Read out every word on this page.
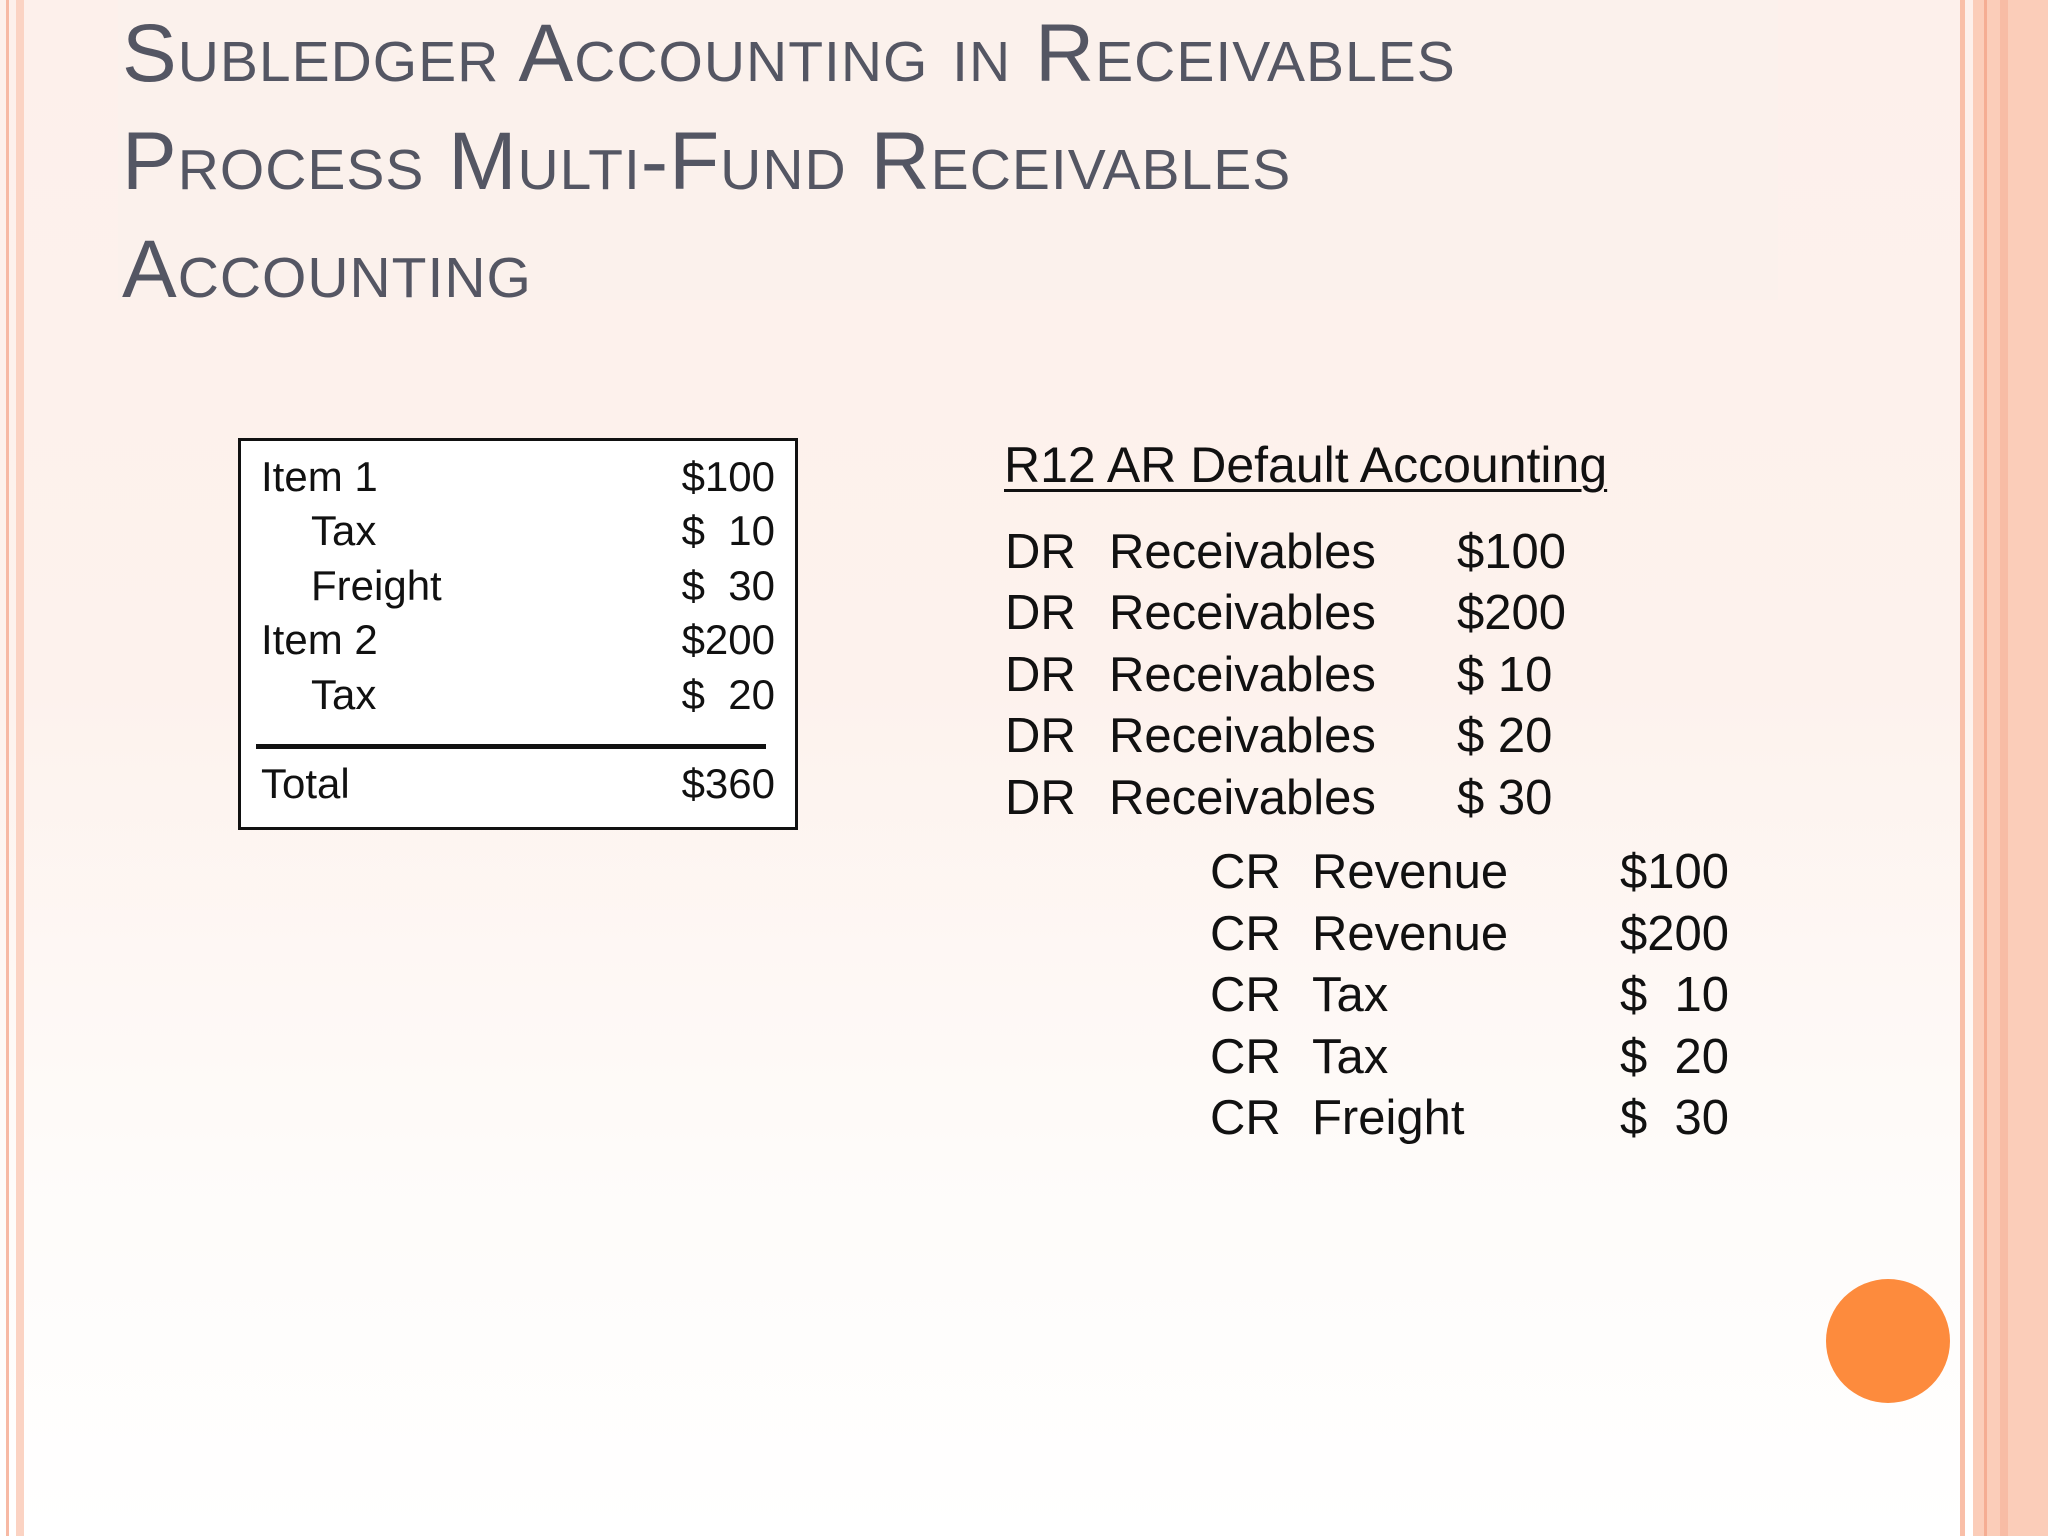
Subledger Accounting in Receivables
Process Multi-Fund Receivables
Accounting
Item 1	$100
Tax	$  10
Freight	$  30
Item 2	$200
Tax	$  20
Total	$360
R12 AR Default Accounting
DR Receivables $100
DR Receivables $200
DR Receivables $ 10
DR Receivables $ 20
DR Receivables $ 30
CR Revenue $100
CR Revenue $200
CR Tax	$  10
CR Tax	$  20
CR Freight	$  30
